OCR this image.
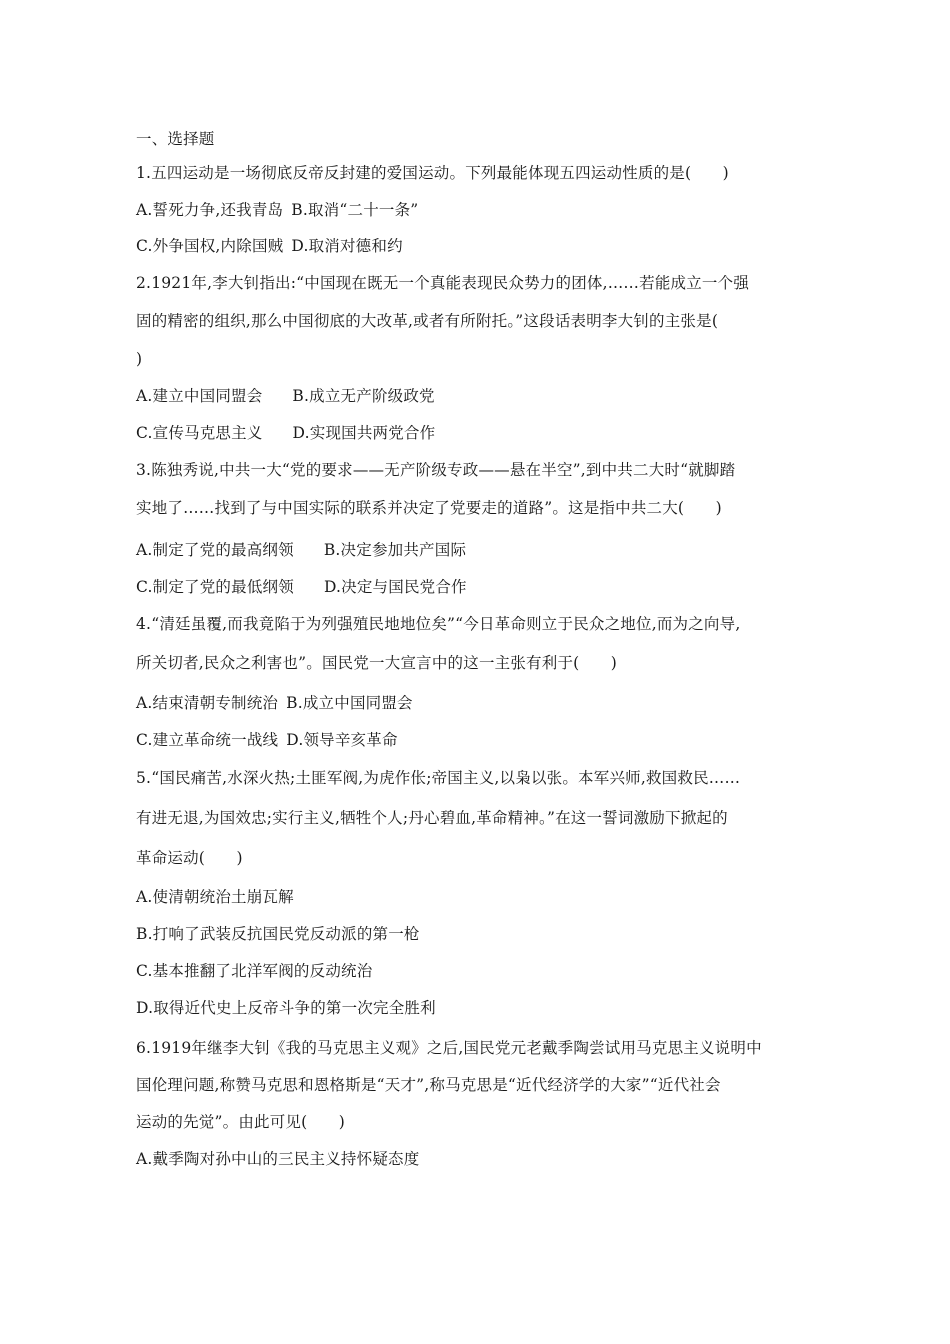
一、选择题
1.五四运动是一场彻底反帝反封建的爱国运动。下列最能体现五四运动性质的是(　　)
A.誓死力争,还我青岛 B.取消“二十一条”
C.外争国权,内除国贼 D.取消对德和约
2.1921年,李大钊指出:“中国现在既无一个真能表现民众势力的团体,……若能成立一个强
固的精密的组织,那么中国彻底的大改革,或者有所附托。”这段话表明李大钊的主张是(
)
A.建立中国同盟会 B.成立无产阶级政党
C.宣传马克思主义 D.实现国共两党合作
3.陈独秀说,中共一大“党的要求——无产阶级专政——悬在半空”,到中共二大时“就脚踏
实地了……找到了与中国实际的联系并决定了党要走的道路”。这是指中共二大(　　)
A.制定了党的最高纲领 B.决定参加共产国际
C.制定了党的最低纲领 D.决定与国民党合作
4.“清廷虽覆,而我竟陷于为列强殖民地地位矣”“今日革命则立于民众之地位,而为之向导,
所关切者,民众之利害也”。国民党一大宣言中的这一主张有利于(　　)
A.结束清朝专制统治 B.成立中国同盟会
C.建立革命统一战线 D.领导辛亥革命
5.“国民痛苦,水深火热;土匪军阀,为虎作伥;帝国主义,以枭以张。本军兴师,救国救民……
有进无退,为国效忠;实行主义,牺牲个人;丹心碧血,革命精神。”在这一誓词激励下掀起的
革命运动(　　)
A.使清朝统治土崩瓦解
B.打响了武装反抗国民党反动派的第一枪
C.基本推翻了北洋军阀的反动统治
D.取得近代史上反帝斗争的第一次完全胜利
6.1919年继李大钊《我的马克思主义观》之后,国民党元老戴季陶尝试用马克思主义说明中
国伦理问题,称赞马克思和恩格斯是“天才”,称马克思是“近代经济学的大家”“近代社会
运动的先觉”。由此可见(　　)
A.戴季陶对孙中山的三民主义持怀疑态度
